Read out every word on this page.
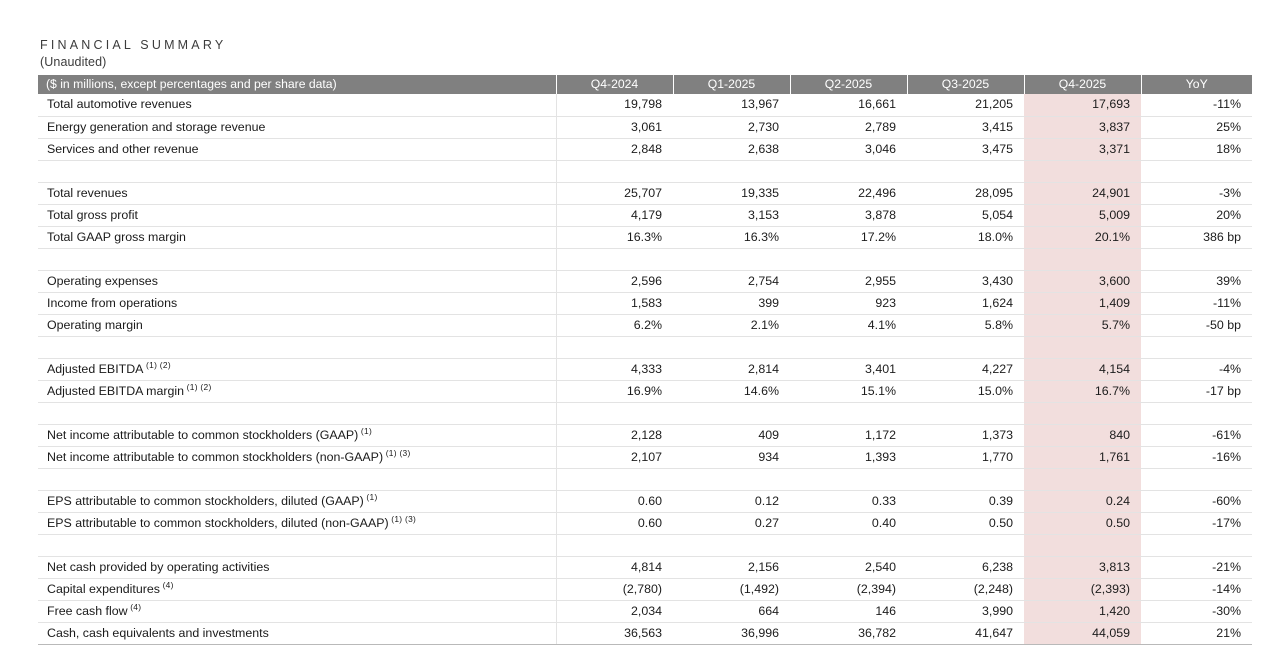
FINANCIAL SUMMARY
(Unaudited)
($ in millions, except percentages and per share data)	Q4-2024	Q1-2025	Q2-2025	Q3-2025	Q4-2025	YoY
Total automotive revenues	19,798	13,967	16,661	21,205	17,693	-11%
Energy generation and storage revenue	3,061	2,730	2,789	3,415	3,837	25%
Services and other revenue	2,848	2,638	3,046	3,475	3,371	18%

Total revenues	25,707	19,335	22,496	28,095	24,901	-3%
Total gross profit	4,179	3,153	3,878	5,054	5,009	20%
Total GAAP gross margin	16.3%	16.3%	17.2%	18.0%	20.1%	386 bp

Operating expenses	2,596	2,754	2,955	3,430	3,600	39%
Income from operations	1,583	399	923	1,624	1,409	-11%
Operating margin	6.2%	2.1%	4.1%	5.8%	5.7%	-50 bp

Adjusted EBITDA $^{(1) (2)}$	4,333	2,814	3,401	4,227	4,154	-4%
Adjusted EBITDA margin $^{(1) (2)}$	16.9%	14.6%	15.1%	15.0%	16.7%	-17 bp

Net income attributable to common stockholders (GAAP) $^{(1)}$	2,128	409	1,172	1,373	840	-61%
Net income attributable to common stockholders (non-GAAP) $^{(1) (3)}$	2,107	934	1,393	1,770	1,761	-16%

EPS attributable to common stockholders, diluted (GAAP) $^{(1)}$	0.60	0.12	0.33	0.39	0.24	-60%
EPS attributable to common stockholders, diluted (non-GAAP) $^{(1) (3)}$	0.60	0.27	0.40	0.50	0.50	-17%

Net cash provided by operating activities	4,814	2,156	2,540	6,238	3,813	-21%
Capital expenditures $^{(4)}$	(2,780)	(1,492)	(2,394)	(2,248)	(2,393)	-14%
Free cash flow $^{(4)}$	2,034	664	146	3,990	1,420	-30%
Cash, cash equivalents and investments	36,563	36,996	36,782	41,647	44,059	21%
